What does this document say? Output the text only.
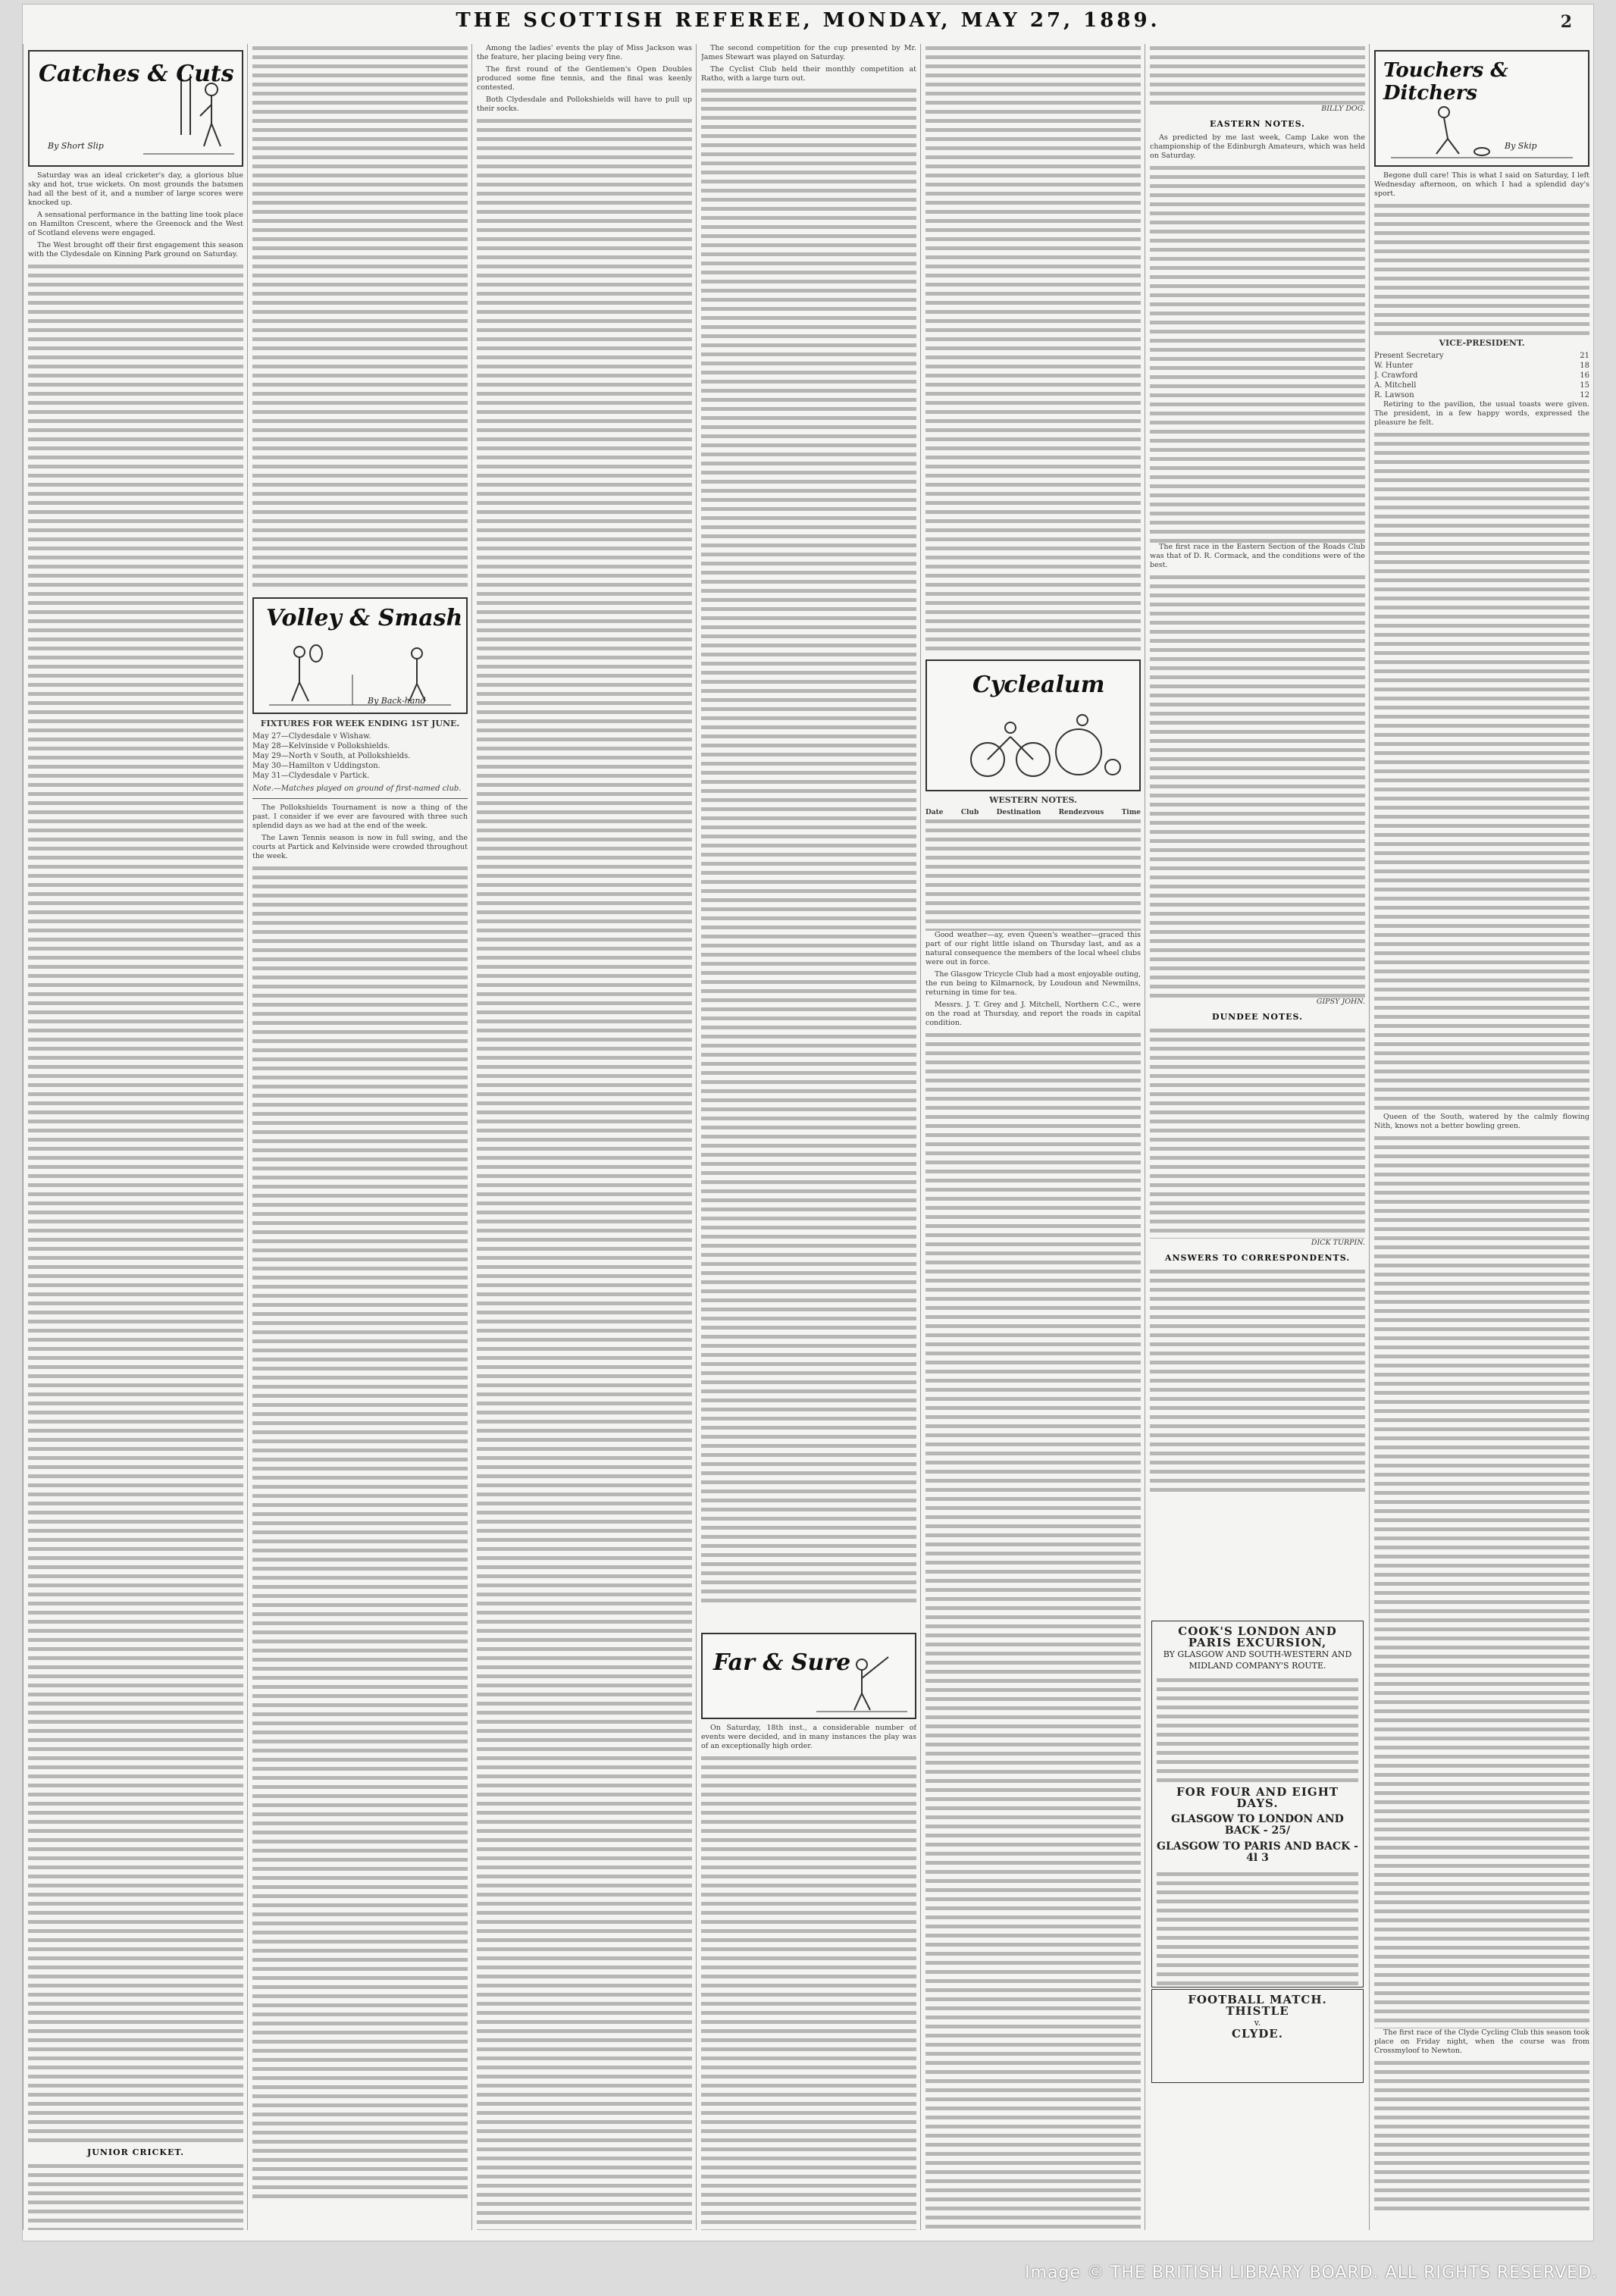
THE SCOTTISH REFEREE, MONDAY, MAY 27, 1889.	2
Catches & Cuts
By Short Slip

Saturday was an ideal cricketer's day, a glorious blue sky and hot, true wickets. On most grounds the batsmen had all the best of it, and a number of large scores were knocked up.

A sensational performance in the batting line took place on Hamilton Crescent, where the Greenock and the West of Scotland elevens were engaged.

The West brought off their first engagement this season with the Clydesdale on Kinning Park ground on Saturday.

JUNIOR CRICKET.
Volley & Smash
By Back-hand
FIXTURES FOR WEEK ENDING 1ST JUNE.
May 27—Clydesdale v Wishaw.
May 28—Kelvinside v Pollokshields.
May 29—North v South, at Pollokshields.
May 30—Hamilton v Uddingston.
May 31—Clydesdale v Partick.
Note.—Matches played on ground of first-named club.

The Pollokshields Tournament is now a thing of the past. I consider if we ever are favoured with three such splendid days as we had at the end of the week.

The Lawn Tennis season is now in full swing, and the courts at Partick and Kelvinside were crowded throughout the week.

Among the ladies' events the play of Miss Jackson was the feature, her placing being very fine.

The first round of the Gentlemen's Open Doubles produced some fine tennis, and the final was keenly contested.

Both Clydesdale and Pollokshields will have to pull up their socks.

The second competition for the cup presented by Mr. James Stewart was played on Saturday.

The Cyclist Club held their monthly competition at Ratho, with a large turn out.

Far & Sure

On Saturday, 18th inst., a considerable number of events were decided, and in many instances the play was of an exceptionally high order.

Cyclealum
WESTERN NOTES.
Date	Club	Destination	Rendezvous	Time

Good weather—ay, even Queen's weather—graced this part of our right little island on Thursday last, and as a natural consequence the members of the local wheel clubs were out in force.

The Glasgow Tricycle Club had a most enjoyable outing, the run being to Kilmarnock, by Loudoun and Newmilns, returning in time for tea.

Messrs. J. T. Grey and J. Mitchell, Northern C.C., were on the road at Thursday, and report the roads in capital condition.

BILLY DOG.
EASTERN NOTES.

As predicted by me last week, Camp Lake won the championship of the Edinburgh Amateurs, which was held on Saturday.

The first race in the Eastern Section of the Roads Club was that of D. R. Cormack, and the conditions were of the best.

GIPSY JOHN.
DUNDEE NOTES.
DICK TURPIN.
ANSWERS TO CORRESPONDENTS.
COOK'S LONDON AND PARIS EXCURSION,
BY GLASGOW AND SOUTH-WESTERN AND MIDLAND COMPANY'S ROUTE.
FOR FOUR AND EIGHT DAYS.
GLASGOW TO LONDON AND BACK - 25/
GLASGOW TO PARIS AND BACK - 4l 3
FOOTBALL MATCH.
THISTLE
v.
CLYDE.
Touchers & Ditchers
By Skip

Begone dull care! This is what I said on Saturday, I left Wednesday afternoon, on which I had a splendid day's sport.

VICE-PRESIDENT.
Present Secretary	21
W. Hunter	18
J. Crawford	16
A. Mitchell	15
R. Lawson	12

Retiring to the pavilion, the usual toasts were given. The president, in a few happy words, expressed the pleasure he felt.

Queen of the South, watered by the calmly flowing Nith, knows not a better bowling green.

The first race of the Clyde Cycling Club this season took place on Friday night, when the course was from Crossmyloof to Newton.

Image © THE BRITISH LIBRARY BOARD. ALL RIGHTS RESERVED.
